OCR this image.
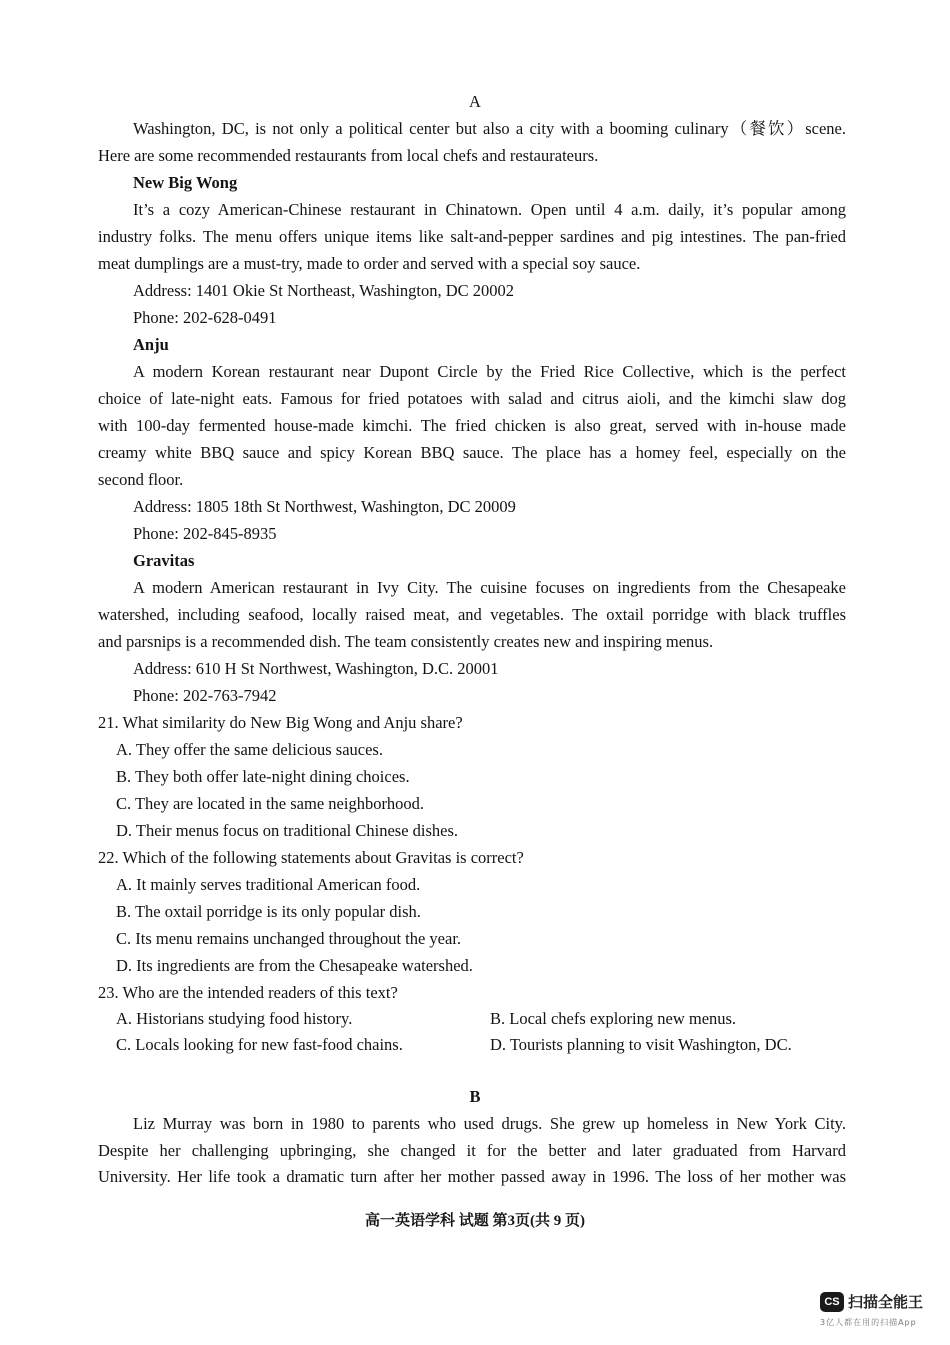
A

Washington, DC, is not only a political center but also a city with a booming culinary（餐饮）scene.

Here are some recommended restaurants from local chefs and restaurateurs.

New Big Wong

It’s a cozy American-Chinese restaurant in Chinatown. Open until 4 a.m. daily, it’s popular among

industry folks. The menu offers unique items like salt-and-pepper sardines and pig intestines. The pan-fried

meat dumplings are a must-try, made to order and served with a special soy sauce.

Address: 1401 Okie St Northeast, Washington, DC 20002

Phone: 202-628-0491

Anju

A modern Korean restaurant near Dupont Circle by the Fried Rice Collective, which is the perfect

choice of late-night eats. Famous for fried potatoes with salad and citrus aioli, and the kimchi slaw dog

with 100-day fermented house-made kimchi. The fried chicken is also great, served with in-house made

creamy white BBQ sauce and spicy Korean BBQ sauce. The place has a homey feel, especially on the

second floor.

Address: 1805 18th St Northwest, Washington, DC 20009

Phone: 202-845-8935

Gravitas

A modern American restaurant in Ivy City. The cuisine focuses on ingredients from the Chesapeake

watershed, including seafood, locally raised meat, and vegetables. The oxtail porridge with black truffles

and parsnips is a recommended dish. The team consistently creates new and inspiring menus.

Address: 610 H St Northwest, Washington, D.C. 20001

Phone: 202-763-7942

21. What similarity do New Big Wong and Anju share?

A. They offer the same delicious sauces.

B. They both offer late-night dining choices.

C. They are located in the same neighborhood.

D. Their menus focus on traditional Chinese dishes.

22. Which of the following statements about Gravitas is correct?

A. It mainly serves traditional American food.

B. The oxtail porridge is its only popular dish.

C. Its menu remains unchanged throughout the year.

D. Its ingredients are from the Chesapeake watershed.

23. Who are the intended readers of this text?

A. Historians studying food history.	B. Local chefs exploring new menus.

C. Locals looking for new fast-food chains.	D. Tourists planning to visit Washington, DC.

B

Liz Murray was born in 1980 to parents who used drugs. She grew up homeless in New York City.

Despite her challenging upbringing, she changed it for the better and later graduated from Harvard

University. Her life took a dramatic turn after her mother passed away in 1996. The loss of her mother was

高一英语学科 试题 第3页(共 9 页)

CS 扫描全能王
3亿人都在用的扫描App
